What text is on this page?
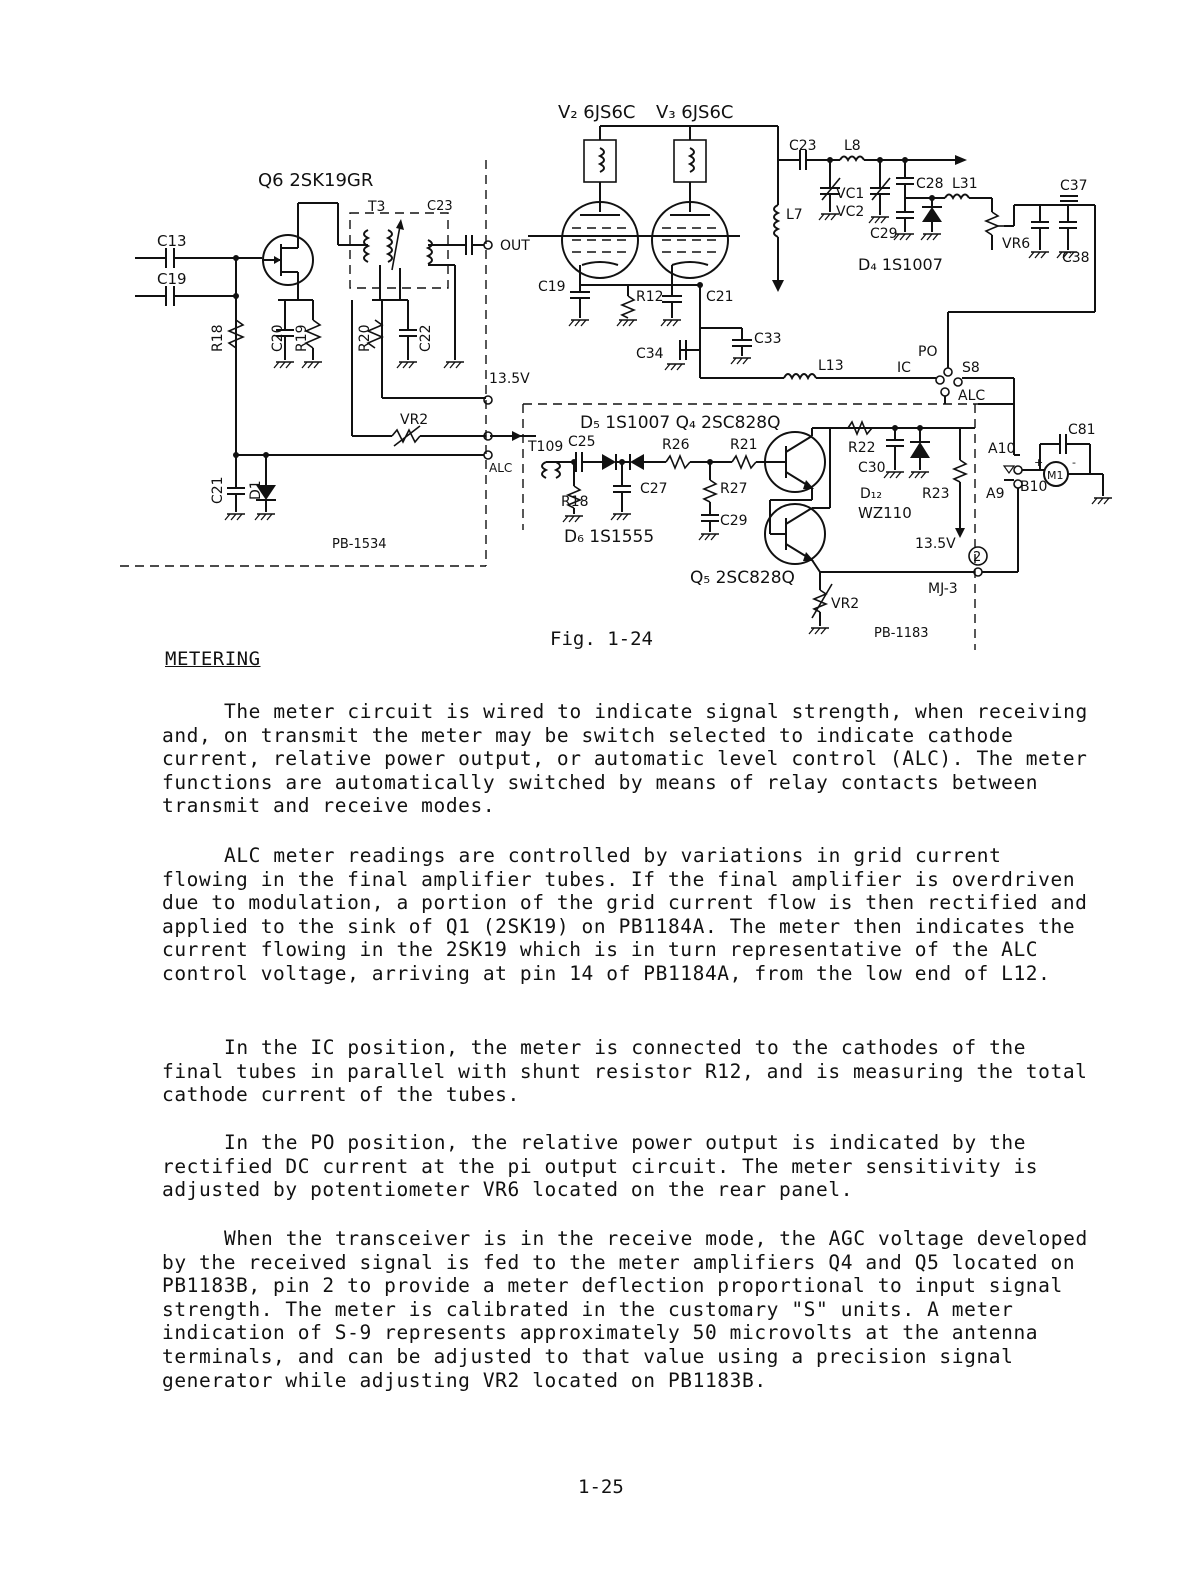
V₂ 6JS6C V₃ 6JS6C
Q6 2SK19GR
T3	C23
C13
C19
R18	C20 R19	R20	C22
C21 D1
OUT
13.5V
VR2
ALC
PB-1534
C19
R12	C21
C33
C34
L13
L7
C23 L8
VC1
VC2
C28 L31
C29
D₄ 1S1007
VR6
C37
C38
PO
IC	S8
ALC
D₅ 1S1007 Q₄ 2SC828Q
T109 C25	R26	R21
R18
C27	R27
C29
D₆ 1S1555
R22
C30
D₁₂
WZ110
R23
13.5V
2
Q₅ 2SC828Q
VR2
MJ-3
PB-1183
A10
A9 B10
C81
M1
+	-
Fig. 1-24
METERING

The meter circuit is wired to indicate signal strength, when receiving and, on transmit the meter may be switch selected to indicate cathode current, relative power output, or automatic level control (ALC). The meter functions are automatically switched by means of relay contacts between transmit and receive modes.

ALC meter readings are controlled by variations in grid current flowing in the final amplifier tubes. If the final amplifier is overdriven due to modulation, a portion of the grid current flow is then rectified and applied to the sink of Q1 (2SK19) on PB1184A. The meter then indicates the current flowing in the 2SK19 which is in turn representative of the ALC control voltage, arriving at pin 14 of PB1184A, from the low end of L12.

In the IC position, the meter is connected to the cathodes of the final tubes in parallel with shunt resistor R12, and is measuring the total cathode current of the tubes.

In the PO position, the relative power output is indicated by the rectified DC current at the pi output circuit. The meter sensitivity is adjusted by potentiometer VR6 located on the rear panel.

When the transceiver is in the receive mode, the AGC voltage developed by the received signal is fed to the meter amplifiers Q4 and Q5 located on PB1183B, pin 2 to provide a meter deflection proportional to input signal strength. The meter is calibrated in the customary "S" units. A meter indication of S-9 represents approximately 50 microvolts at the antenna terminals, and can be adjusted to that value using a precision signal generator while adjusting VR2 located on PB1183B.

1-25
